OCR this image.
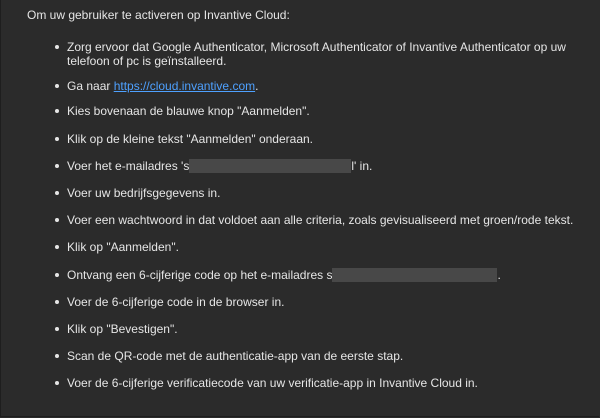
Om uw gebruiker te activeren op Invantive Cloud:
Zorg ervoor dat Google Authenticator, Microsoft Authenticator of Invantive Authenticator op uw
telefoon of pc is geïnstalleerd.
Ga naar https://cloud.invantive.com.
Kies bovenaan de blauwe knop "Aanmelden".
Klik op de kleine tekst "Aanmelden" onderaan.
Voer het e-mailadres 's	l' in.
Voer uw bedrijfsgegevens in.
Voer een wachtwoord in dat voldoet aan alle criteria, zoals gevisualiseerd met groen/rode tekst.
Klik op "Aanmelden".
Ontvang een 6-cijferige code op het e-mailadres s	.
Voer de 6-cijferige code in de browser in.
Klik op "Bevestigen".
Scan de QR-code met de authenticatie-app van de eerste stap.
Voer de 6-cijferige verificatiecode van uw verificatie-app in Invantive Cloud in.
